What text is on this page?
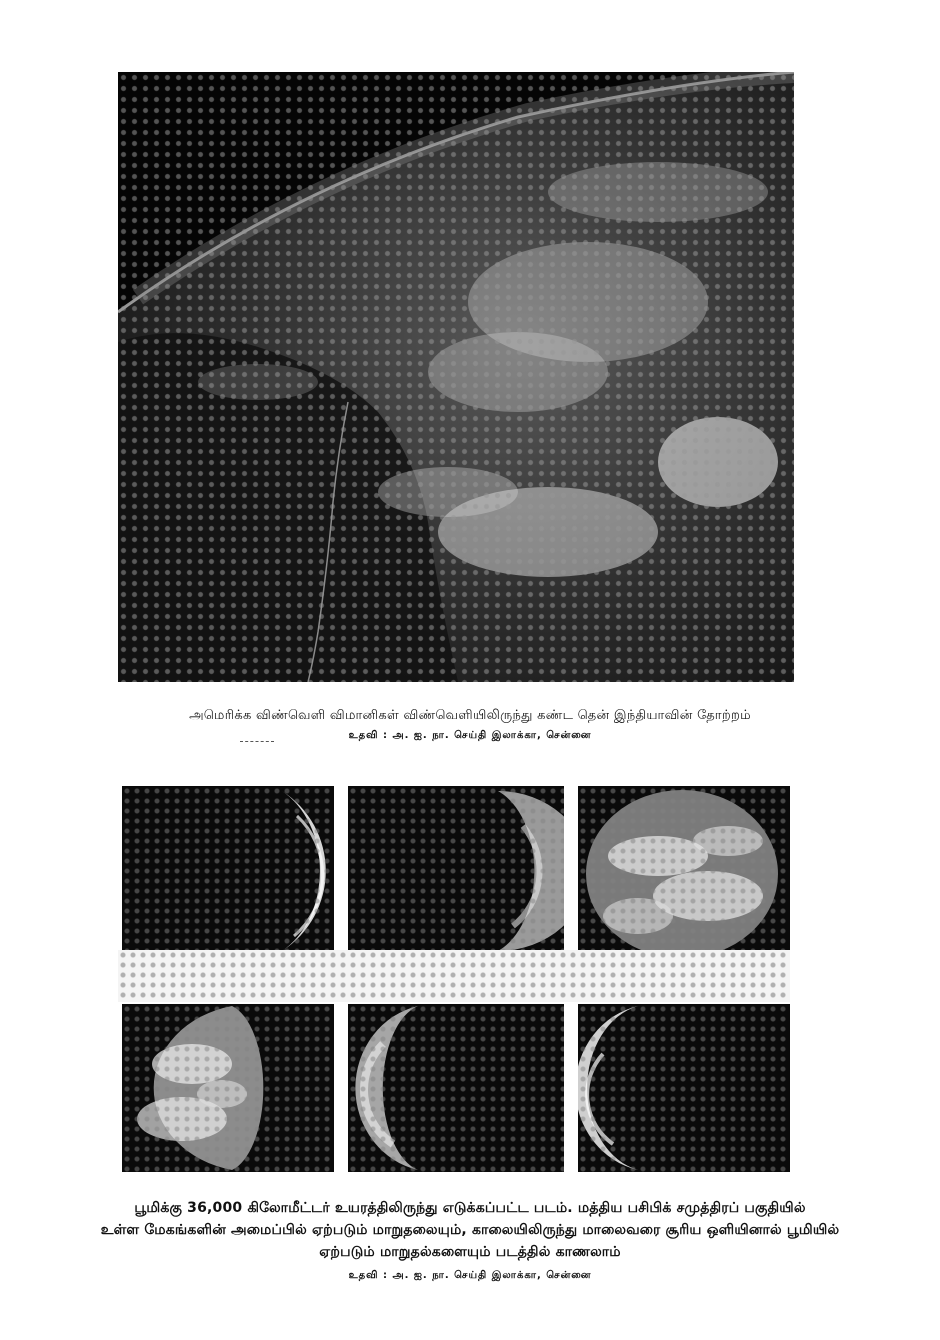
அமெரிக்க விண்வெளி விமானிகள் விண்வெளியிலிருந்து கண்ட தென் இந்தியாவின் தோற்றம்
உதவி : அ. ஐ. நா. செய்தி இலாக்கா, சென்னை
பூமிக்கு 36,000 கிலோமீட்டர் உயரத்திலிருந்து எடுக்கப்பட்ட படம். மத்திய பசிபிக் சமுத்திரப் பகுதியில்
உள்ள மேகங்களின் அமைப்பில் ஏற்படும் மாறுதலையும், காலையிலிருந்து மாலைவரை சூரிய ஒளியினால் பூமியில்
ஏற்படும் மாறுதல்களையும் படத்தில் காணலாம்
உதவி : அ. ஐ. நா. செய்தி இலாக்கா, சென்னை
